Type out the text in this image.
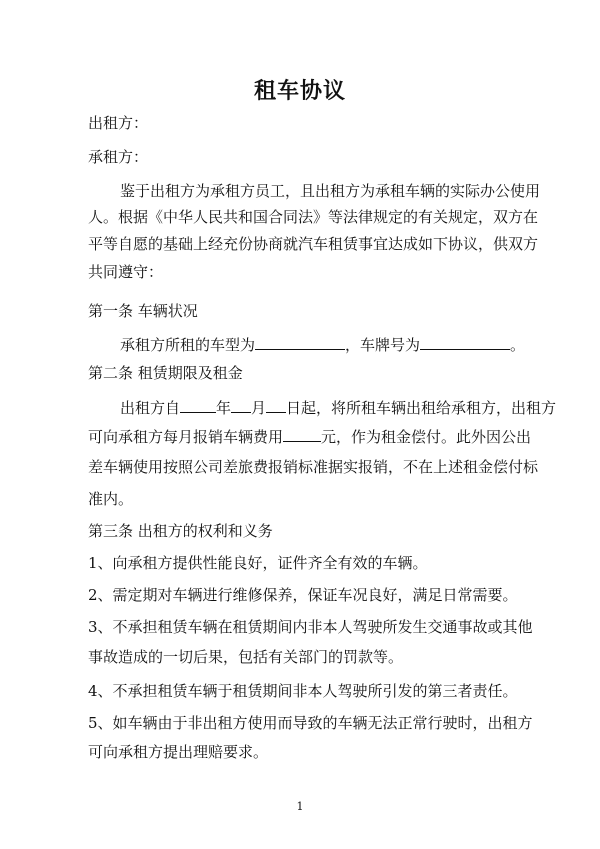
租车协议
出租方：
承租方：
鉴于出租方为承租方员工，且出租方为承租车辆的实际办公使用
人。根据《中华人民共和国合同法》等法律规定的有关规定，双方在
平等自愿的基础上经充份协商就汽车租赁事宜达成如下协议，供双方
共同遵守：
第一条 车辆状况
承租方所租的车型为	，车牌号为	。
第二条 租赁期限及租金
出租方自 年 月 日起，将所租车辆出租给承租方，出租方
可向承租方每月报销车辆费用	元，作为租金偿付。此外因公出
差车辆使用按照公司差旅费报销标准据实报销，不在上述租金偿付标
准内。
第三条 出租方的权利和义务
1、向承租方提供性能良好，证件齐全有效的车辆。
2、需定期对车辆进行维修保养，保证车况良好，满足日常需要。
3、不承担租赁车辆在租赁期间内非本人驾驶所发生交通事故或其他
事故造成的一切后果，包括有关部门的罚款等。
4、不承担租赁车辆于租赁期间非本人驾驶所引发的第三者责任。
5、如车辆由于非出租方使用而导致的车辆无法正常行驶时，出租方
可向承租方提出理赔要求。
1
